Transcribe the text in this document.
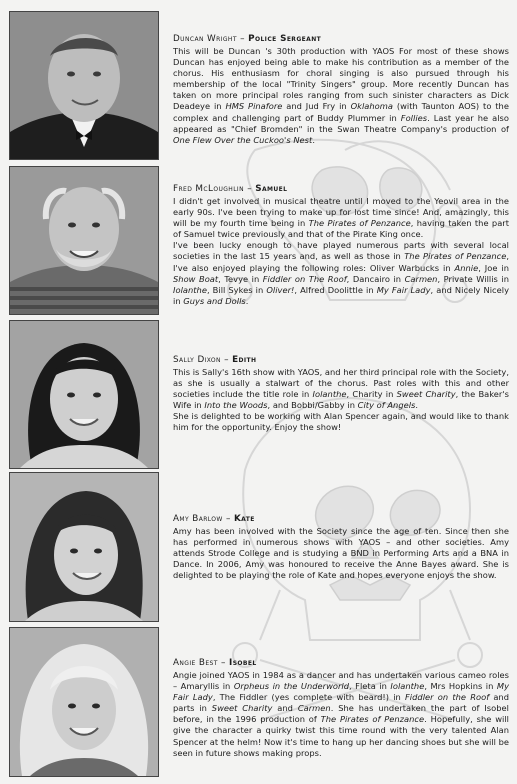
Duncan Wright – Police Sergeant

This will be Duncan 's 30th production with YAOS For most of these shows Duncan has enjoyed being able to make his contribution as a member of the chorus. His enthusiasm for choral singing is also pursued through his membership of the local "Trinity Singers" group. More recently Duncan has taken on more principal roles ranging from such sinister characters as Dick Deadeye in HMS Pinafore and Jud Fry in Oklahoma (with Taunton AOS) to the complex and challenging part of Buddy Plummer in Follies. Last year he also appeared as "Chief Bromden" in the Swan Theatre Company's production of One Flew Over the Cuckoo's Nest.

Fred McLoughlin – Samuel

I didn't get involved in musical theatre until I moved to the Yeovil area in the early 90s. I've been trying to make up for lost time since! And, amazingly, this will be my fourth time being in The Pirates of Penzance, having taken the part of Samuel twice previously and that of the Pirate King once.

I've been lucky enough to have played numerous parts with several local societies in the last 15 years and, as well as those in The Pirates of Penzance, I've also enjoyed playing the following roles: Oliver Warbucks in Annie, Joe in Show Boat, Tevye in Fiddler on The Roof, Dancairo in Carmen, Private Willis in Iolanthe, Bill Sykes in Oliver!, Alfred Doolittle in My Fair Lady, and Nicely Nicely in Guys and Dolls.

Sally Dixon – Edith

This is Sally's 16th show with YAOS, and her third principal role with the Society, as she is usually a stalwart of the chorus. Past roles with this and other societies include the title role in Iolanthe, Charity in Sweet Charity, the Baker's Wife in Into the Woods, and Bobbi/Gabby in City of Angels.

She is delighted to be working with Alan Spencer again, and would like to thank him for the opportunity. Enjoy the show!

Amy Barlow – Kate

Amy has been involved with the Society since the age of ten. Since then she has performed in numerous shows with YAOS – and other societies. Amy attends Strode College and is studying a BND in Performing Arts and a BNA in Dance. In 2006, Amy was honoured to receive the Anne Bayes award. She is delighted to be playing the role of Kate and hopes everyone enjoys the show.

Angie Best – Isobel

Angie joined YAOS in 1984 as a dancer and has undertaken various cameo roles – Amaryllis in Orpheus in the Underworld, Fleta in Iolanthe, Mrs Hopkins in My Fair Lady, The Fiddler (yes complete with beard!) in Fiddler on the Roof and parts in Sweet Charity and Carmen. She has undertaken the part of Isobel before, in the 1996 production of The Pirates of Penzance. Hopefully, she will give the character a quirky twist this time round with the very talented Alan Spencer at the helm! Now it's time to hang up her dancing shoes but she will be seen in future shows making props.
